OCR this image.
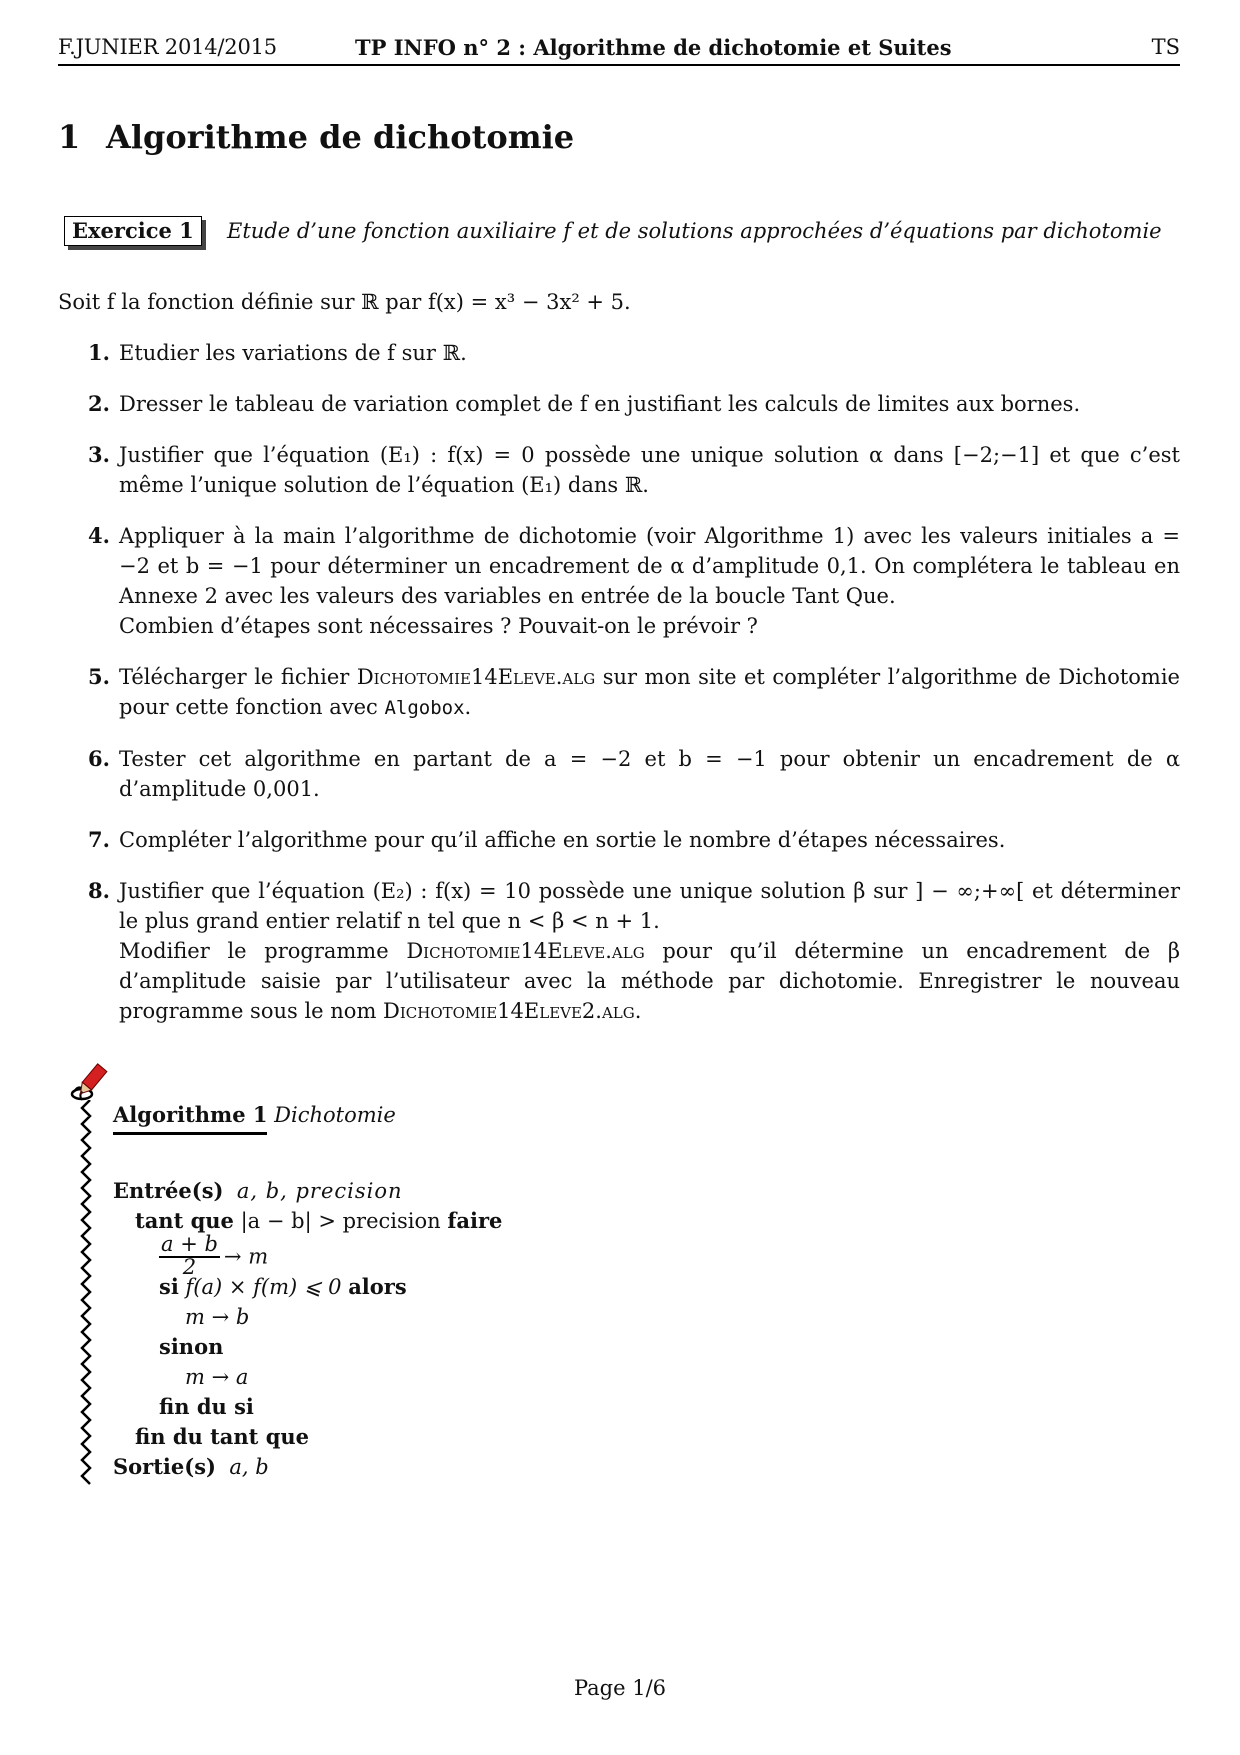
F.JUNIER 2014/2015	TP INFO n° 2 : Algorithme de dichotomie et Suites	TS
1 Algorithme de dichotomie
Exercice 1 Etude d’une fonction auxiliaire f et de solutions approchées d’équations par dichotomie
Soit f la fonction définie sur ℝ par f(x) = x³ − 3x² + 5.
1. Etudier les variations de f sur ℝ.
2. Dresser le tableau de variation complet de f en justifiant les calculs de limites aux bornes.
3. Justifier que l’équation (E₁) : f(x) = 0 possède une unique solution α dans [−2;−1] et que c’est même l’unique solution de l’équation (E₁) dans ℝ.
4. Appliquer à la main l’algorithme de dichotomie (voir Algorithme 1) avec les valeurs initiales a = −2 et b = −1 pour déterminer un encadrement de α d’amplitude 0,1. On complétera le tableau en Annexe 2 avec les valeurs des variables en entrée de la boucle Tant Que.
Combien d’étapes sont nécessaires ? Pouvait-on le prévoir ?
5. Télécharger le fichier Dichotomie14Eleve.alg sur mon site et compléter l’algorithme de Dichotomie pour cette fonction avec Algobox.
6. Tester cet algorithme en partant de a = −2 et b = −1 pour obtenir un encadrement de α d’amplitude 0,001.
7. Compléter l’algorithme pour qu’il affiche en sortie le nombre d’étapes nécessaires.
8. Justifier que l’équation (E₂) : f(x) = 10 possède une unique solution β sur ] − ∞;+∞[ et déterminer le plus grand entier relatif n tel que n < β < n + 1.
Modifier le programme Dichotomie14Eleve.alg pour qu’il détermine un encadrement de β d’amplitude saisie par l’utilisateur avec la méthode par dichotomie. Enregistrer le nouveau programme sous le nom Dichotomie14Eleve2.alg.
Algorithme 1 Dichotomie
Entrée(s) a, b, precision
tant que |a − b| > precision faire
$\frac{a + b}{2} \to m$
si f(a) × f(m) ⩽ 0 alors
m → b
sinon
m → a
fin du si
fin du tant que
Sortie(s) a, b
Page 1/6
